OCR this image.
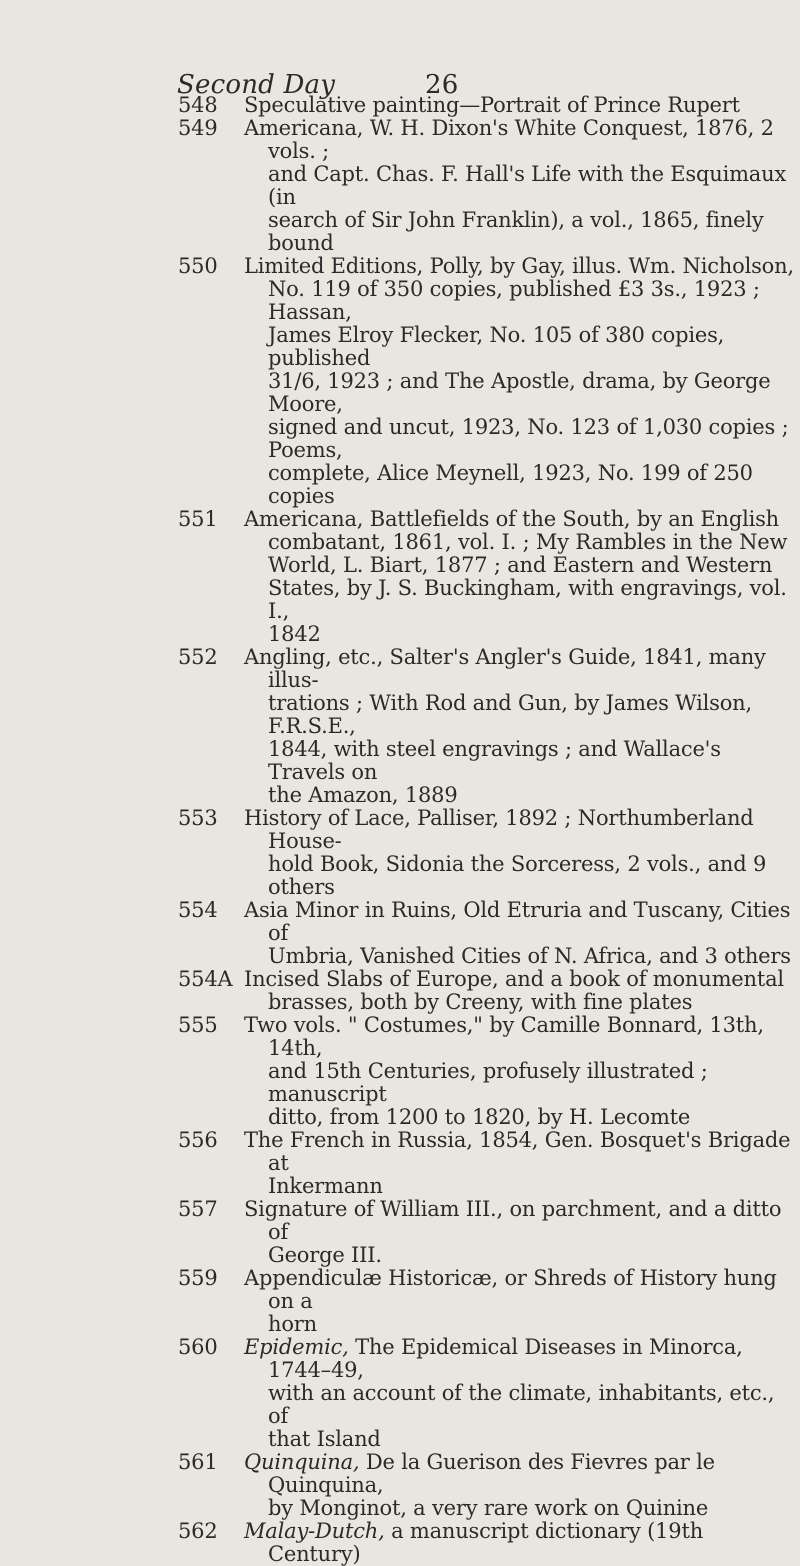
Second Day	26
548	Speculative painting—Portrait of Prince Rupert
549	Americana, W. H. Dixon's White Conquest, 1876, 2 vols. ;
and Capt. Chas. F. Hall's Life with the Esquimaux (in
search of Sir John Franklin), a vol., 1865, finely bound
550	Limited Editions, Polly, by Gay, illus. Wm. Nicholson,
No. 119 of 350 copies, published £3 3s., 1923 ; Hassan,
James Elroy Flecker, No. 105 of 380 copies, published
31/6, 1923 ; and The Apostle, drama, by George Moore,
signed and uncut, 1923, No. 123 of 1,030 copies ; Poems,
complete, Alice Meynell, 1923, No. 199 of 250 copies
551	Americana, Battlefields of the South, by an English
combatant, 1861, vol. I. ; My Rambles in the New
World, L. Biart, 1877 ; and Eastern and Western
States, by J. S. Buckingham, with engravings, vol. I.,
1842
552	Angling, etc., Salter's Angler's Guide, 1841, many illus-
trations ; With Rod and Gun, by James Wilson, F.R.S.E.,
1844, with steel engravings ; and Wallace's Travels on
the Amazon, 1889
553	History of Lace, Palliser, 1892 ; Northumberland House-
hold Book, Sidonia the Sorceress, 2 vols., and 9 others
554	Asia Minor in Ruins, Old Etruria and Tuscany, Cities of
Umbria, Vanished Cities of N. Africa, and 3 others
554A Incised Slabs of Europe, and a book of monumental
brasses, both by Creeny, with fine plates
555	Two vols. " Costumes," by Camille Bonnard, 13th, 14th,
and 15th Centuries, profusely illustrated ; manuscript
ditto, from 1200 to 1820, by H. Lecomte
556	The French in Russia, 1854, Gen. Bosquet's Brigade at
Inkermann
557	Signature of William III., on parchment, and a ditto of
George III.
559	Appendiculæ Historicæ, or Shreds of History hung on a
horn
560	Epidemic, The Epidemical Diseases in Minorca, 1744–49,
with an account of the climate, inhabitants, etc., of
that Island
561	Quinquina, De la Guerison des Fievres par le Quinquina,
by Monginot, a very rare work on Quinine
562	Malay-Dutch, a manuscript dictionary (19th Century)
